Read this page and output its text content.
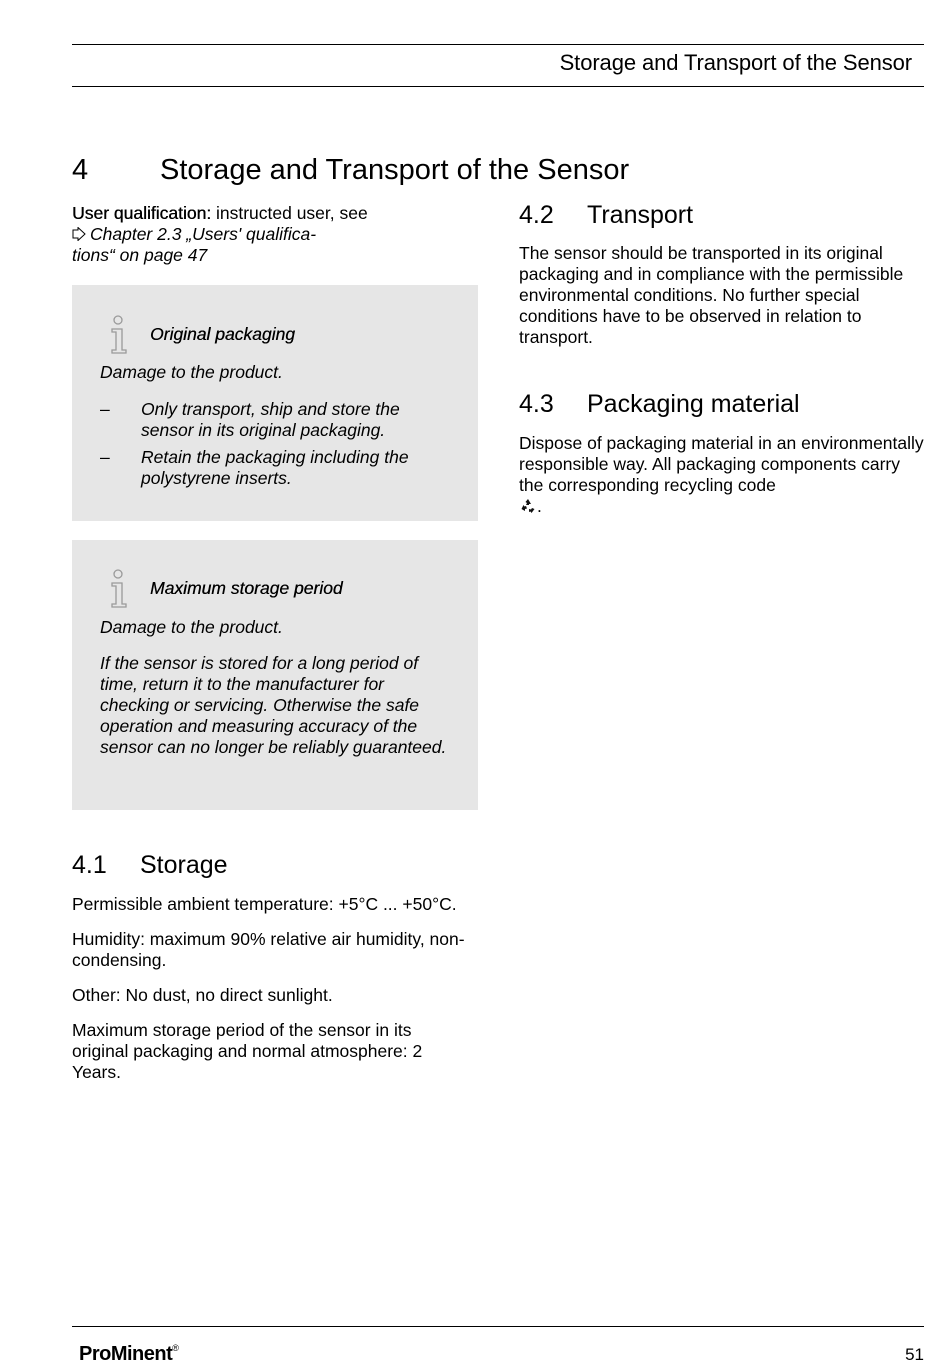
Storage and Transport of the Sensor
4 Storage and Transport of the Sensor
User qualification: instructed user, see
Chapter 2.3 „Users' qualifica-
tions“ on page 47
Original packaging
Damage to the product.
– Only transport, ship and store the sensor in its original packaging.
– Retain the packaging including the polystyrene inserts.
Maximum storage period
Damage to the product.
If the sensor is stored for a long period of time, return it to the manufacturer for checking or servicing. Otherwise the safe operation and measuring accuracy of the sensor can no longer be reliably guaranteed.
4.1 Storage

Permissible ambient temperature: +5°C ... +50°C.

Humidity: maximum 90% relative air humidity, non-condensing.

Other: No dust, no direct sunlight.

Maximum storage period of the sensor in its original packaging and normal atmosphere: 2 Years.

4.2 Transport

The sensor should be transported in its original packaging and in compliance with the permissible environmental conditions. No further special conditions have to be observed in relation to transport.

4.3 Packaging material

Dispose of packaging material in an environmentally responsible way. All packaging components carry the corresponding recycling code
.

ProMinent®	51
